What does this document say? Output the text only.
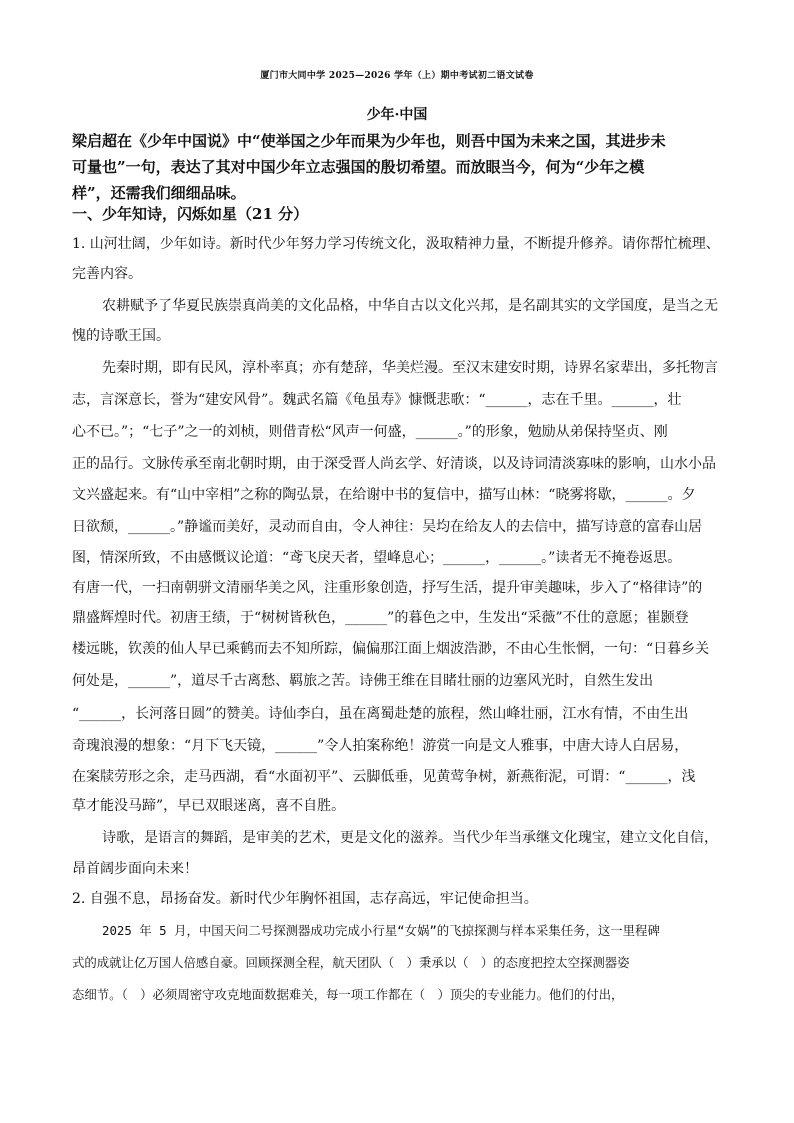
厦门市大同中学 2025—2026 学年（上）期中考试初二语文试卷
少年·中国
梁启超在《少年中国说》中“使举国之少年而果为少年也，则吾中国为未来之国，其进步未
可量也”一句，表达了其对中国少年立志强国的殷切希望。而放眼当今，何为“少年之模
样”，还需我们细细品味。
一、少年知诗，闪烁如星（21 分）
1. 山河壮阔，少年如诗。新时代少年努力学习传统文化，汲取精神力量，不断提升修养。请你帮忙梳理、
完善内容。
农耕赋予了华夏民族崇真尚美的文化品格，中华自古以文化兴邦，是名副其实的文学国度，是当之无
愧的诗歌王国。
先秦时期，即有民风，淳朴率真；亦有楚辞，华美烂漫。至汉末建安时期，诗界名家辈出，多托物言
志，言深意长，誉为“建安风骨”。魏武名篇《龟虽寿》慷慨悲歌：“______，志在千里。______，壮
心不已。”；“七子”之一的刘桢，则借青松“风声一何盛，______。”的形象，勉励从弟保持坚贞、刚
正的品行。文脉传承至南北朝时期，由于深受晋人尚玄学、好清谈，以及诗词清淡寡味的影响，山水小品
文兴盛起来。有“山中宰相”之称的陶弘景，在给谢中书的复信中，描写山林：“晓雾将歇，______。夕
日欲颓，______。”静谧而美好，灵动而自由，令人神往：吴均在给友人的去信中，描写诗意的富春山居
图，情深所致，不由感慨议论道：“鸢飞戾天者，望峰息心；______，______。”读者无不掩卷返思。
有唐一代，一扫南朝骈文清丽华美之风，注重形象创造，抒写生活，提升审美趣味，步入了“格律诗”的
鼎盛辉煌时代。初唐王绩，于“树树皆秋色，______”的暮色之中，生发出“采薇”不仕的意愿；崔颢登
楼远眺，钦羡的仙人早已乘鹤而去不知所踪，偏偏那江面上烟波浩渺，不由心生怅惘，一句：“日暮乡关
何处是，______”，道尽千古离愁、羁旅之苦。诗佛王维在目睹壮丽的边塞风光时，自然生发出
“______，长河落日圆”的赞美。诗仙李白，虽在离蜀赴楚的旅程，然山峰壮丽，江水有情，不由生出
奇瑰浪漫的想象：“月下飞天镜，______”令人拍案称绝！游赏一向是文人雅事，中唐大诗人白居易，
在案牍劳形之余，走马西湖，看“水面初平”、云脚低垂，见黄莺争树，新燕衔泥，可谓：“______，浅
草才能没马蹄”，早已双眼迷离，喜不自胜。
诗歌，是语言的舞蹈，是审美的艺术，更是文化的滋养。当代少年当承继文化瑰宝，建立文化自信，
昂首阔步面向未来！
2. 自强不息，昂扬奋发。新时代少年胸怀祖国，志存高远，牢记使命担当。
2025 年 5 月，中国天问二号探测器成功完成小行星“女娲”的飞掠探测与样本采集任务，这一里程碑
式的成就让亿万国人倍感自豪。回顾探测全程，航天团队（　）秉承以（　）的态度把控太空探测器姿
态细节。（　）必须周密守攻克地面数据难关，每一项工作都在（　）顶尖的专业能力。他们的付出，
